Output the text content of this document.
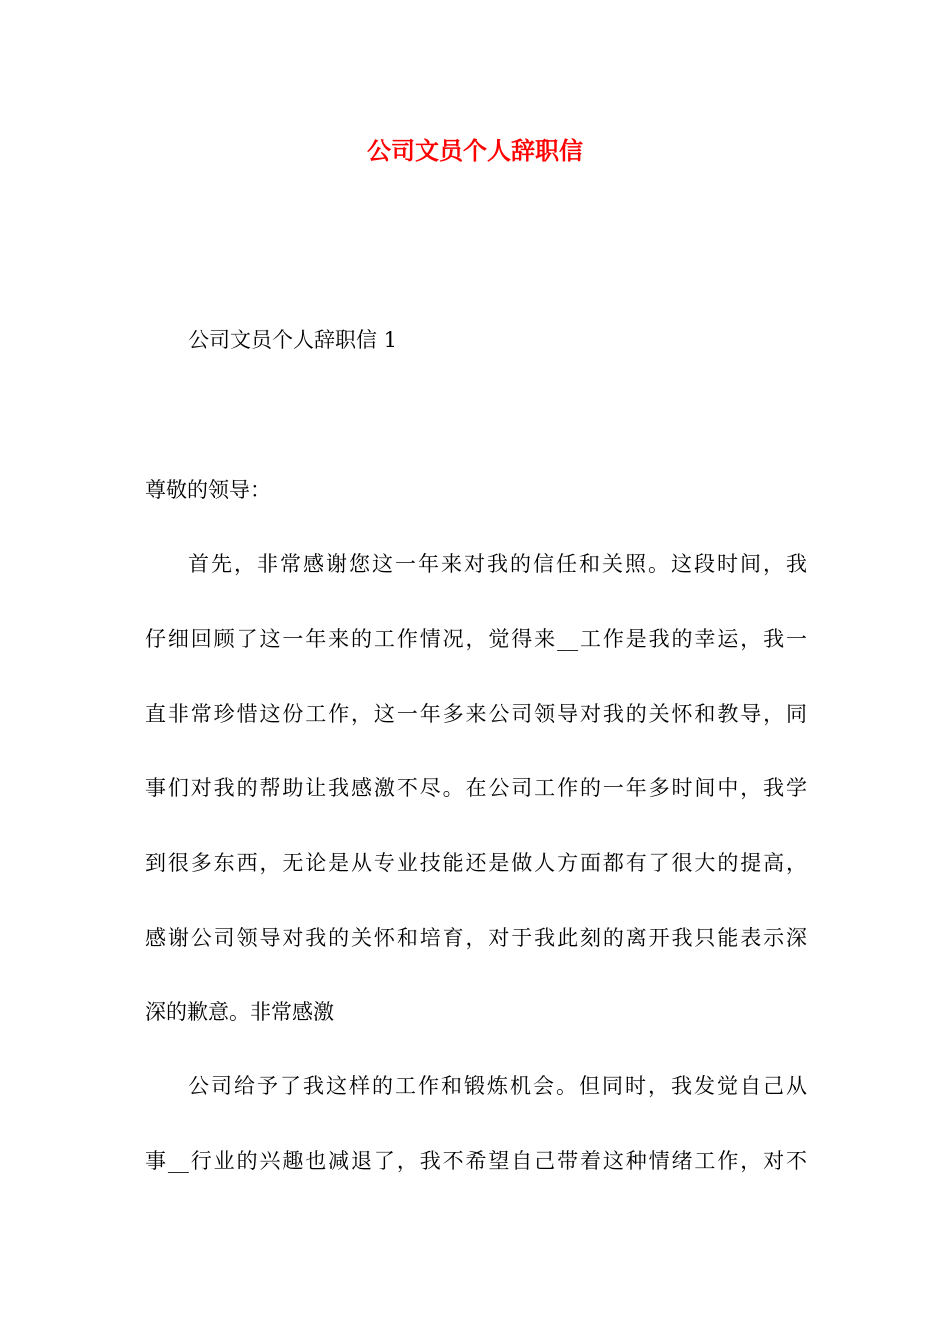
公司文员个人辞职信

公司文员个人辞职信 1

尊敬的领导：

首先，非常感谢您这一年来对我的信任和关照。这段时间，我

仔细回顾了这一年来的工作情况，觉得来__工作是我的幸运，我一

直非常珍惜这份工作，这一年多来公司领导对我的关怀和教导，同

事们对我的帮助让我感激不尽。在公司工作的一年多时间中，我学

到很多东西，无论是从专业技能还是做人方面都有了很大的提高，

感谢公司领导对我的关怀和培育，对于我此刻的离开我只能表示深

深的歉意。非常感激

公司给予了我这样的工作和锻炼机会。但同时，我发觉自己从

事__行业的兴趣也减退了，我不希望自己带着这种情绪工作，对不
